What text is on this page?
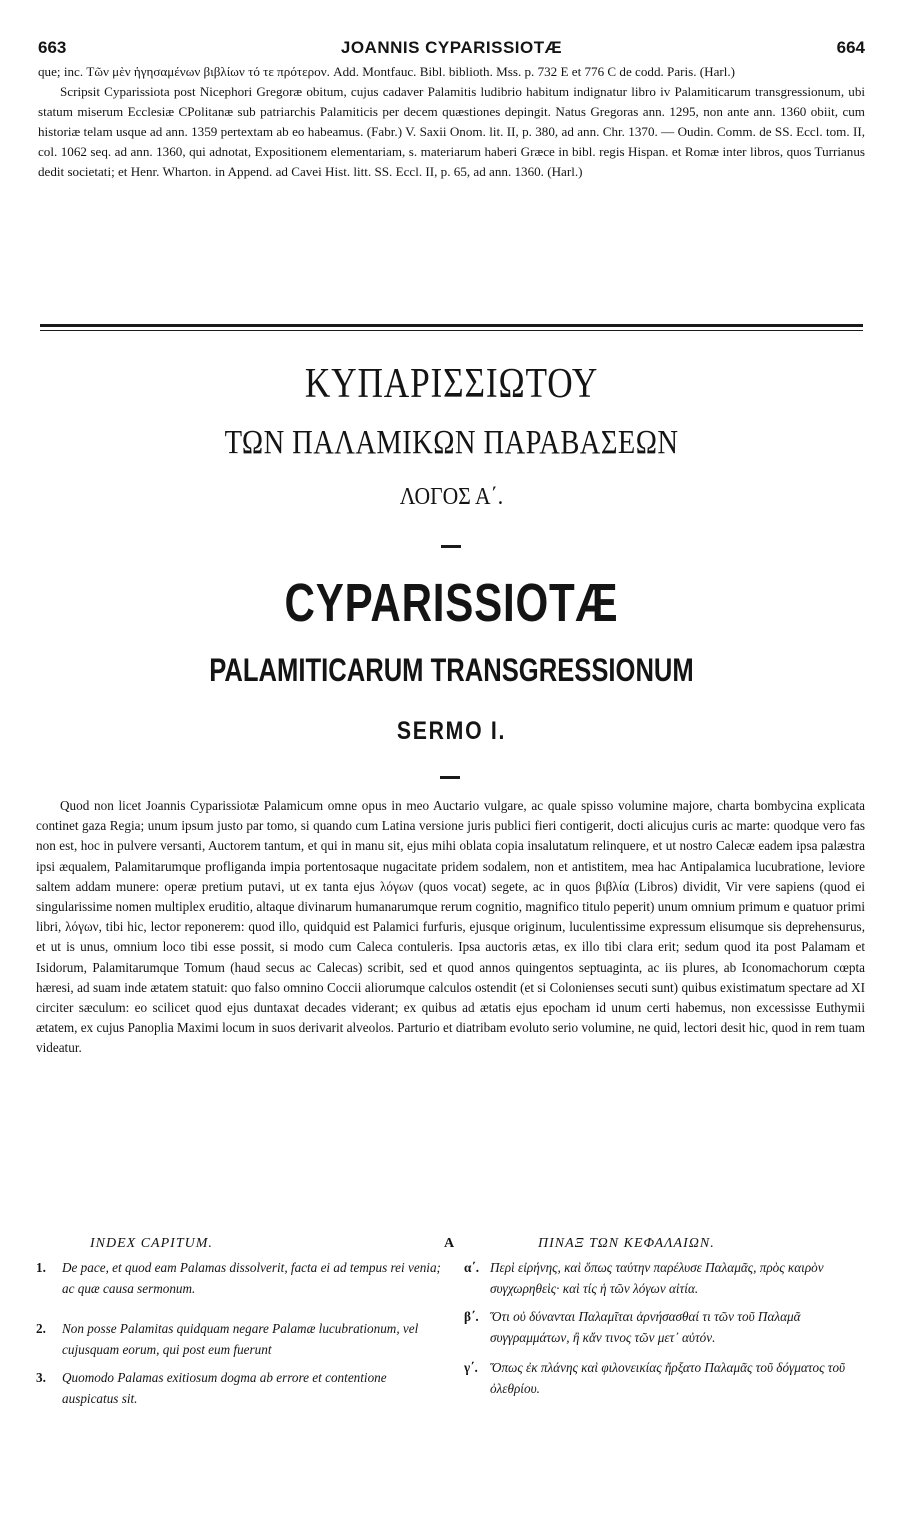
663	JOANNIS CYPARISSIOTÆ	664

que; inc. Τῶν μὲν ἡγησαμένων βιβλίων τό τε πρότερον. Add. Montfauc. Bibl. biblioth. Mss. p. 732 E et 776 C de codd. Paris. (Harl.)

Scripsit Cyparissiota post Nicephori Gregoræ obitum, cujus cadaver Palamitis ludibrio habitum indignatur libro iv Palamiticarum transgressionum, ubi statum miserum Ecclesiæ CPolitanæ sub patriarchis Palamiticis per decem quæstiones depingit. Natus Gregoras ann. 1295, non ante ann. 1360 obiit, cum historiæ telam usque ad ann. 1359 pertextam ab eo habeamus. (Fabr.) V. Saxii Onom. lit. II, p. 380, ad ann. Chr. 1370. — Oudin. Comm. de SS. Eccl. tom. II, col. 1062 seq. ad ann. 1360, qui adnotat, Expositionem elementariam, s. materiarum haberi Græce in bibl. regis Hispan. et Romæ inter libros, quos Turrianus dedit societati; et Henr. Wharton. in Append. ad Cavei Hist. litt. SS. Eccl. II, p. 65, ad ann. 1360. (Harl.)

ΚΥΠΑΡΙΣΣΙΩΤΟΥ
ΤΩΝ ΠΑΛΑΜΙΚΩΝ ΠΑΡΑΒΑΣΕΩΝ
ΛΟΓΟΣ Α΄.
CYPARISSIOTÆ
PALAMITICARUM TRANSGRESSIONUM
SERMO I.

Quod non licet Joannis Cyparissiotæ Palamicum omne opus in meo Auctario vulgare, ac quale spisso volumine majore, charta bombycina explicata continet gaza Regia; unum ipsum justo par tomo, si quando cum Latina versione juris publici fieri contigerit, docti alicujus curis ac marte: quodque vero fas non est, hoc in pulvere versanti, Auctorem tantum, et qui in manu sit, ejus mihi oblata copia insalutatum relinquere, et ut nostro Calecæ eadem ipsa palæstra ipsi æqualem, Palamitarumque profliganda impia portentosaque nugacitate pridem sodalem, non et antistitem, mea hac Antipalamica lucubratione, leviore saltem addam munere: operæ pretium putavi, ut ex tanta ejus λόγων (quos vocat) segete, ac in quos βιβλία (Libros) dividit, Vir vere sapiens (quod ei singularissime nomen multiplex eruditio, altaque divinarum humanarumque rerum cognitio, magnifico titulo peperit) unum omnium primum e quatuor primi libri, λόγων, tibi hic, lector reponerem: quod illo, quidquid est Palamici furfuris, ejusque originum, luculentissime expressum elisumque sis deprehensurus, et ut is unus, omnium loco tibi esse possit, si modo cum Caleca contuleris. Ipsa auctoris ætas, ex illo tibi clara erit; sedum quod ita post Palamam et Isidorum, Palamitarumque Tomum (haud secus ac Calecas) scribit, sed et quod annos quingentos septuaginta, ac iis plures, ab Iconomachorum cœpta hæresi, ad suam inde ætatem statuit: quo falso omnino Coccii aliorumque calculos ostendit (et si Colonienses secuti sunt) quibus existimatum spectare ad XI circiter sæculum: eo scilicet quod ejus duntaxat decades viderant; ex quibus ad ætatis ejus epocham id unum certi habemus, non excessisse Euthymii ætatem, ex cujus Panoplia Maximi locum in suos derivarit alveolos. Parturio et diatribam evoluto serio volumine, ne quid, lectori desit hic, quod in rem tuam videatur.

INDEX CAPITUM.	A	ΠΙΝΑΞ ΤΩΝ ΚΕΦΑΛΑΙΩΝ.
1. De pace, et quod eam Palamas dissolverit, facta ei ad tempus rei venia; ac quæ causa sermonum.
2. Non posse Palamitas quidquam negare Palamæ lucubrationum, vel cujusquam eorum, qui post eum fuerunt
3. Quomodo Palamas exitiosum dogma ab errore et contentione auspicatus sit.
α΄. Περὶ εἰρήνης, καὶ ὅπως ταύτην παρέλυσε Παλαμᾶς, πρὸς καιρὸν συγχωρηθεὶς· καὶ τίς ἡ τῶν λόγων αἰτία.
β΄. Ὅτι οὐ δύνανται Παλαμῖται ἀρνήσασθαί τι τῶν τοῦ Παλαμᾶ συγγραμμάτων, ἢ κἄν τινος τῶν μετ᾽ αὐτόν.
γ΄. Ὅπως ἐκ πλάνης καὶ φιλονεικίας ἤρξατο Παλαμᾶς τοῦ δόγματος τοῦ ὀλεθρίου.
